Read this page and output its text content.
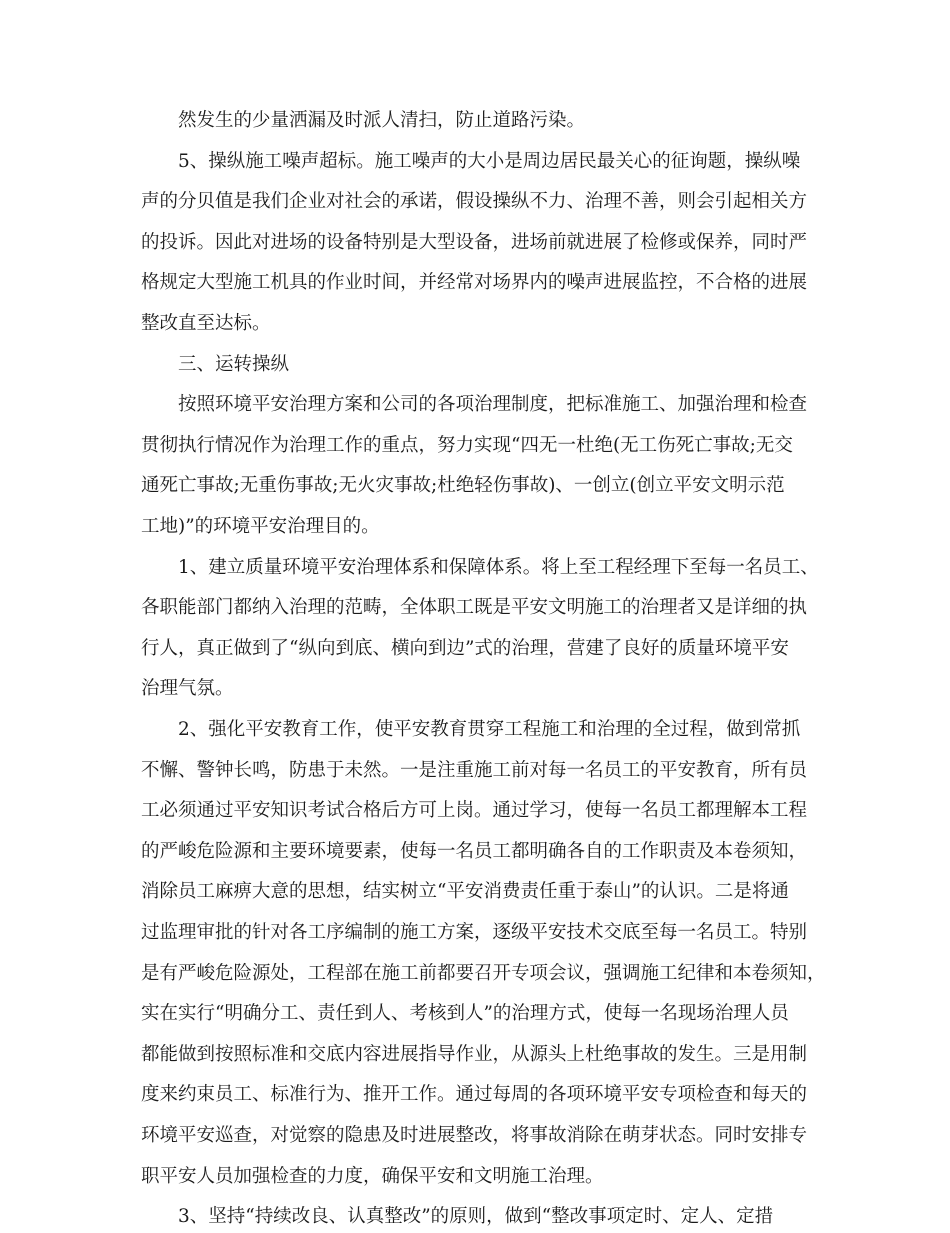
然发生的少量洒漏及时派人清扫，防止道路污染。

5、操纵施工噪声超标。施工噪声的大小是周边居民最关心的征询题，操纵噪

声的分贝值是我们企业对社会的承诺，假设操纵不力、治理不善，则会引起相关方

的投诉。因此对进场的设备特别是大型设备，进场前就进展了检修或保养，同时严

格规定大型施工机具的作业时间，并经常对场界内的噪声进展监控，不合格的进展

整改直至达标。

三、运转操纵

按照环境平安治理方案和公司的各项治理制度，把标准施工、加强治理和检查

贯彻执行情况作为治理工作的重点，努力实现“四无一杜绝(无工伤死亡事故;无交

通死亡事故;无重伤事故;无火灾事故;杜绝轻伤事故)、一创立(创立平安文明示范

工地)”的环境平安治理目的。

1、建立质量环境平安治理体系和保障体系。将上至工程经理下至每一名员工、

各职能部门都纳入治理的范畴，全体职工既是平安文明施工的治理者又是详细的执

行人，真正做到了“纵向到底、横向到边”式的治理，营建了良好的质量环境平安

治理气氛。

2、强化平安教育工作，使平安教育贯穿工程施工和治理的全过程，做到常抓

不懈、警钟长鸣，防患于未然。一是注重施工前对每一名员工的平安教育，所有员

工必须通过平安知识考试合格后方可上岗。通过学习，使每一名员工都理解本工程

的严峻危险源和主要环境要素，使每一名员工都明确各自的工作职责及本卷须知，

消除员工麻痹大意的思想，结实树立“平安消费责任重于泰山”的认识。二是将通

过监理审批的针对各工序编制的施工方案，逐级平安技术交底至每一名员工。特别

是有严峻危险源处，工程部在施工前都要召开专项会议，强调施工纪律和本卷须知，

实在实行“明确分工、责任到人、考核到人”的治理方式，使每一名现场治理人员

都能做到按照标准和交底内容进展指导作业，从源头上杜绝事故的发生。三是用制

度来约束员工、标准行为、推开工作。通过每周的各项环境平安专项检查和每天的

环境平安巡查，对觉察的隐患及时进展整改，将事故消除在萌芽状态。同时安排专

职平安人员加强检查的力度，确保平安和文明施工治理。

3、坚持“持续改良、认真整改”的原则，做到“整改事项定时、定人、定措
